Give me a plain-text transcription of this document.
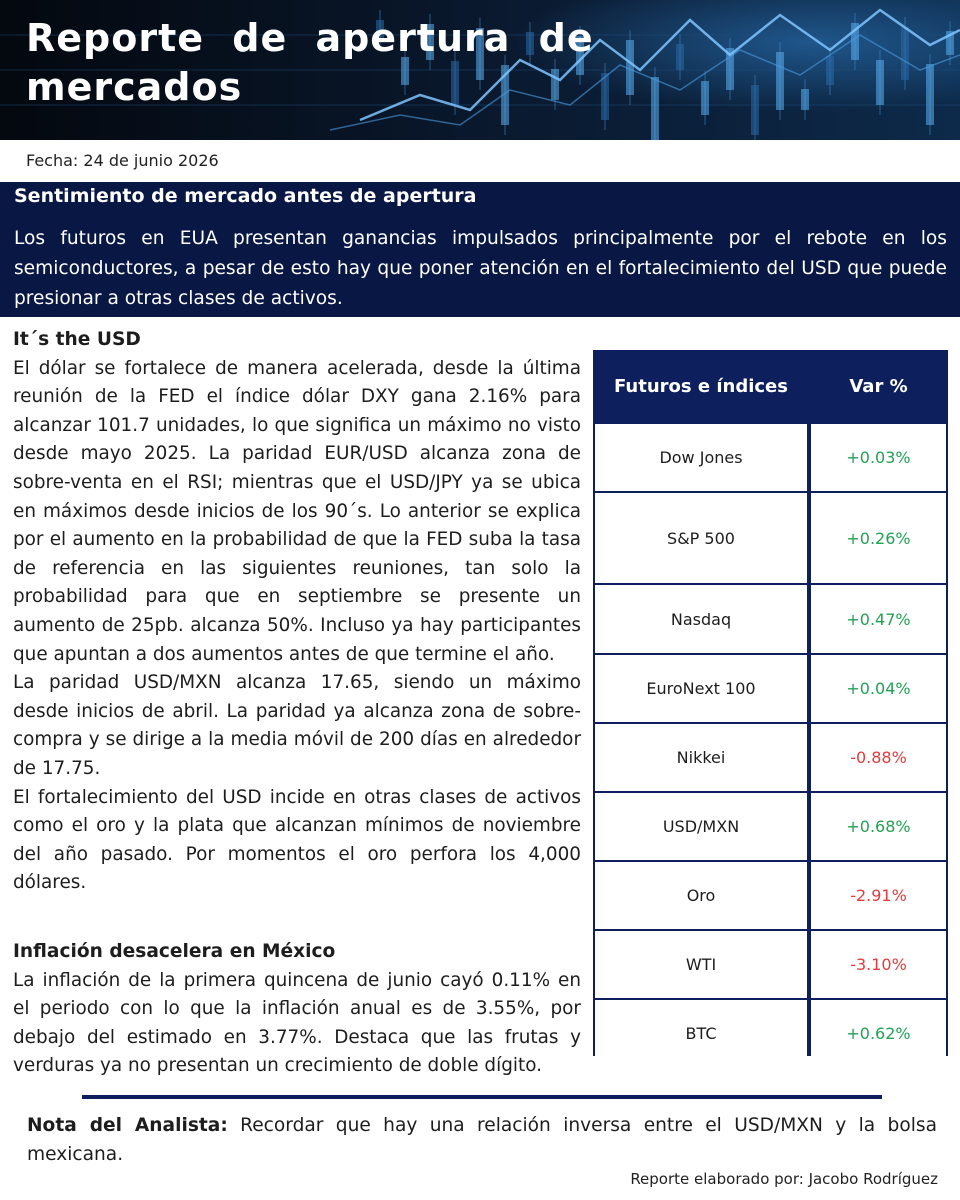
Reporte de apertura de mercados
Fecha: 24 de junio 2026
Sentimiento de mercado antes de apertura

Los futuros en EUA presentan ganancias impulsados principalmente por el rebote en los semiconductores, a pesar de esto hay que poner atención en el fortalecimiento del USD que puede presionar a otras clases de activos.

It´s the USD

El dólar se fortalece de manera acelerada, desde la última reunión de la FED el índice dólar DXY gana 2.16% para alcanzar 101.7 unidades, lo que significa un máximo no visto desde mayo 2025. La paridad EUR/USD alcanza zona de sobre-venta en el RSI; mientras que el USD/JPY ya se ubica en máximos desde inicios de los 90´s. Lo anterior se explica por el aumento en la probabilidad de que la FED suba la tasa de referencia en las siguientes reuniones, tan solo la probabilidad para que en septiembre se presente un aumento de 25pb. alcanza 50%. Incluso ya hay participantes que apuntan a dos aumentos antes de que termine el año.

La paridad USD/MXN alcanza 17.65, siendo un máximo desde inicios de abril. La paridad ya alcanza zona de sobre-compra y se dirige a la media móvil de 200 días en alrededor de 17.75.

El fortalecimiento del USD incide en otras clases de activos como el oro y la plata que alcanzan mínimos de noviembre del año pasado. Por momentos el oro perfora los 4,000 dólares.

Inflación desacelera en México

La inflación de la primera quincena de junio cayó 0.11% en el periodo con lo que la inflación anual es de 3.55%, por debajo del estimado en 3.77%. Destaca que las frutas y verduras ya no presentan un crecimiento de doble dígito.

Futuros e índices	Var %
Dow Jones	+0.03%
S&P 500	+0.26%
Nasdaq	+0.47%
EuroNext 100	+0.04%
Nikkei	-0.88%
USD/MXN	+0.68%
Oro	-2.91%
WTI	-3.10%
BTC	+0.62%

Nota del Analista: Recordar que hay una relación inversa entre el USD/MXN y la bolsa mexicana.

Reporte elaborado por: Jacobo Rodríguez
